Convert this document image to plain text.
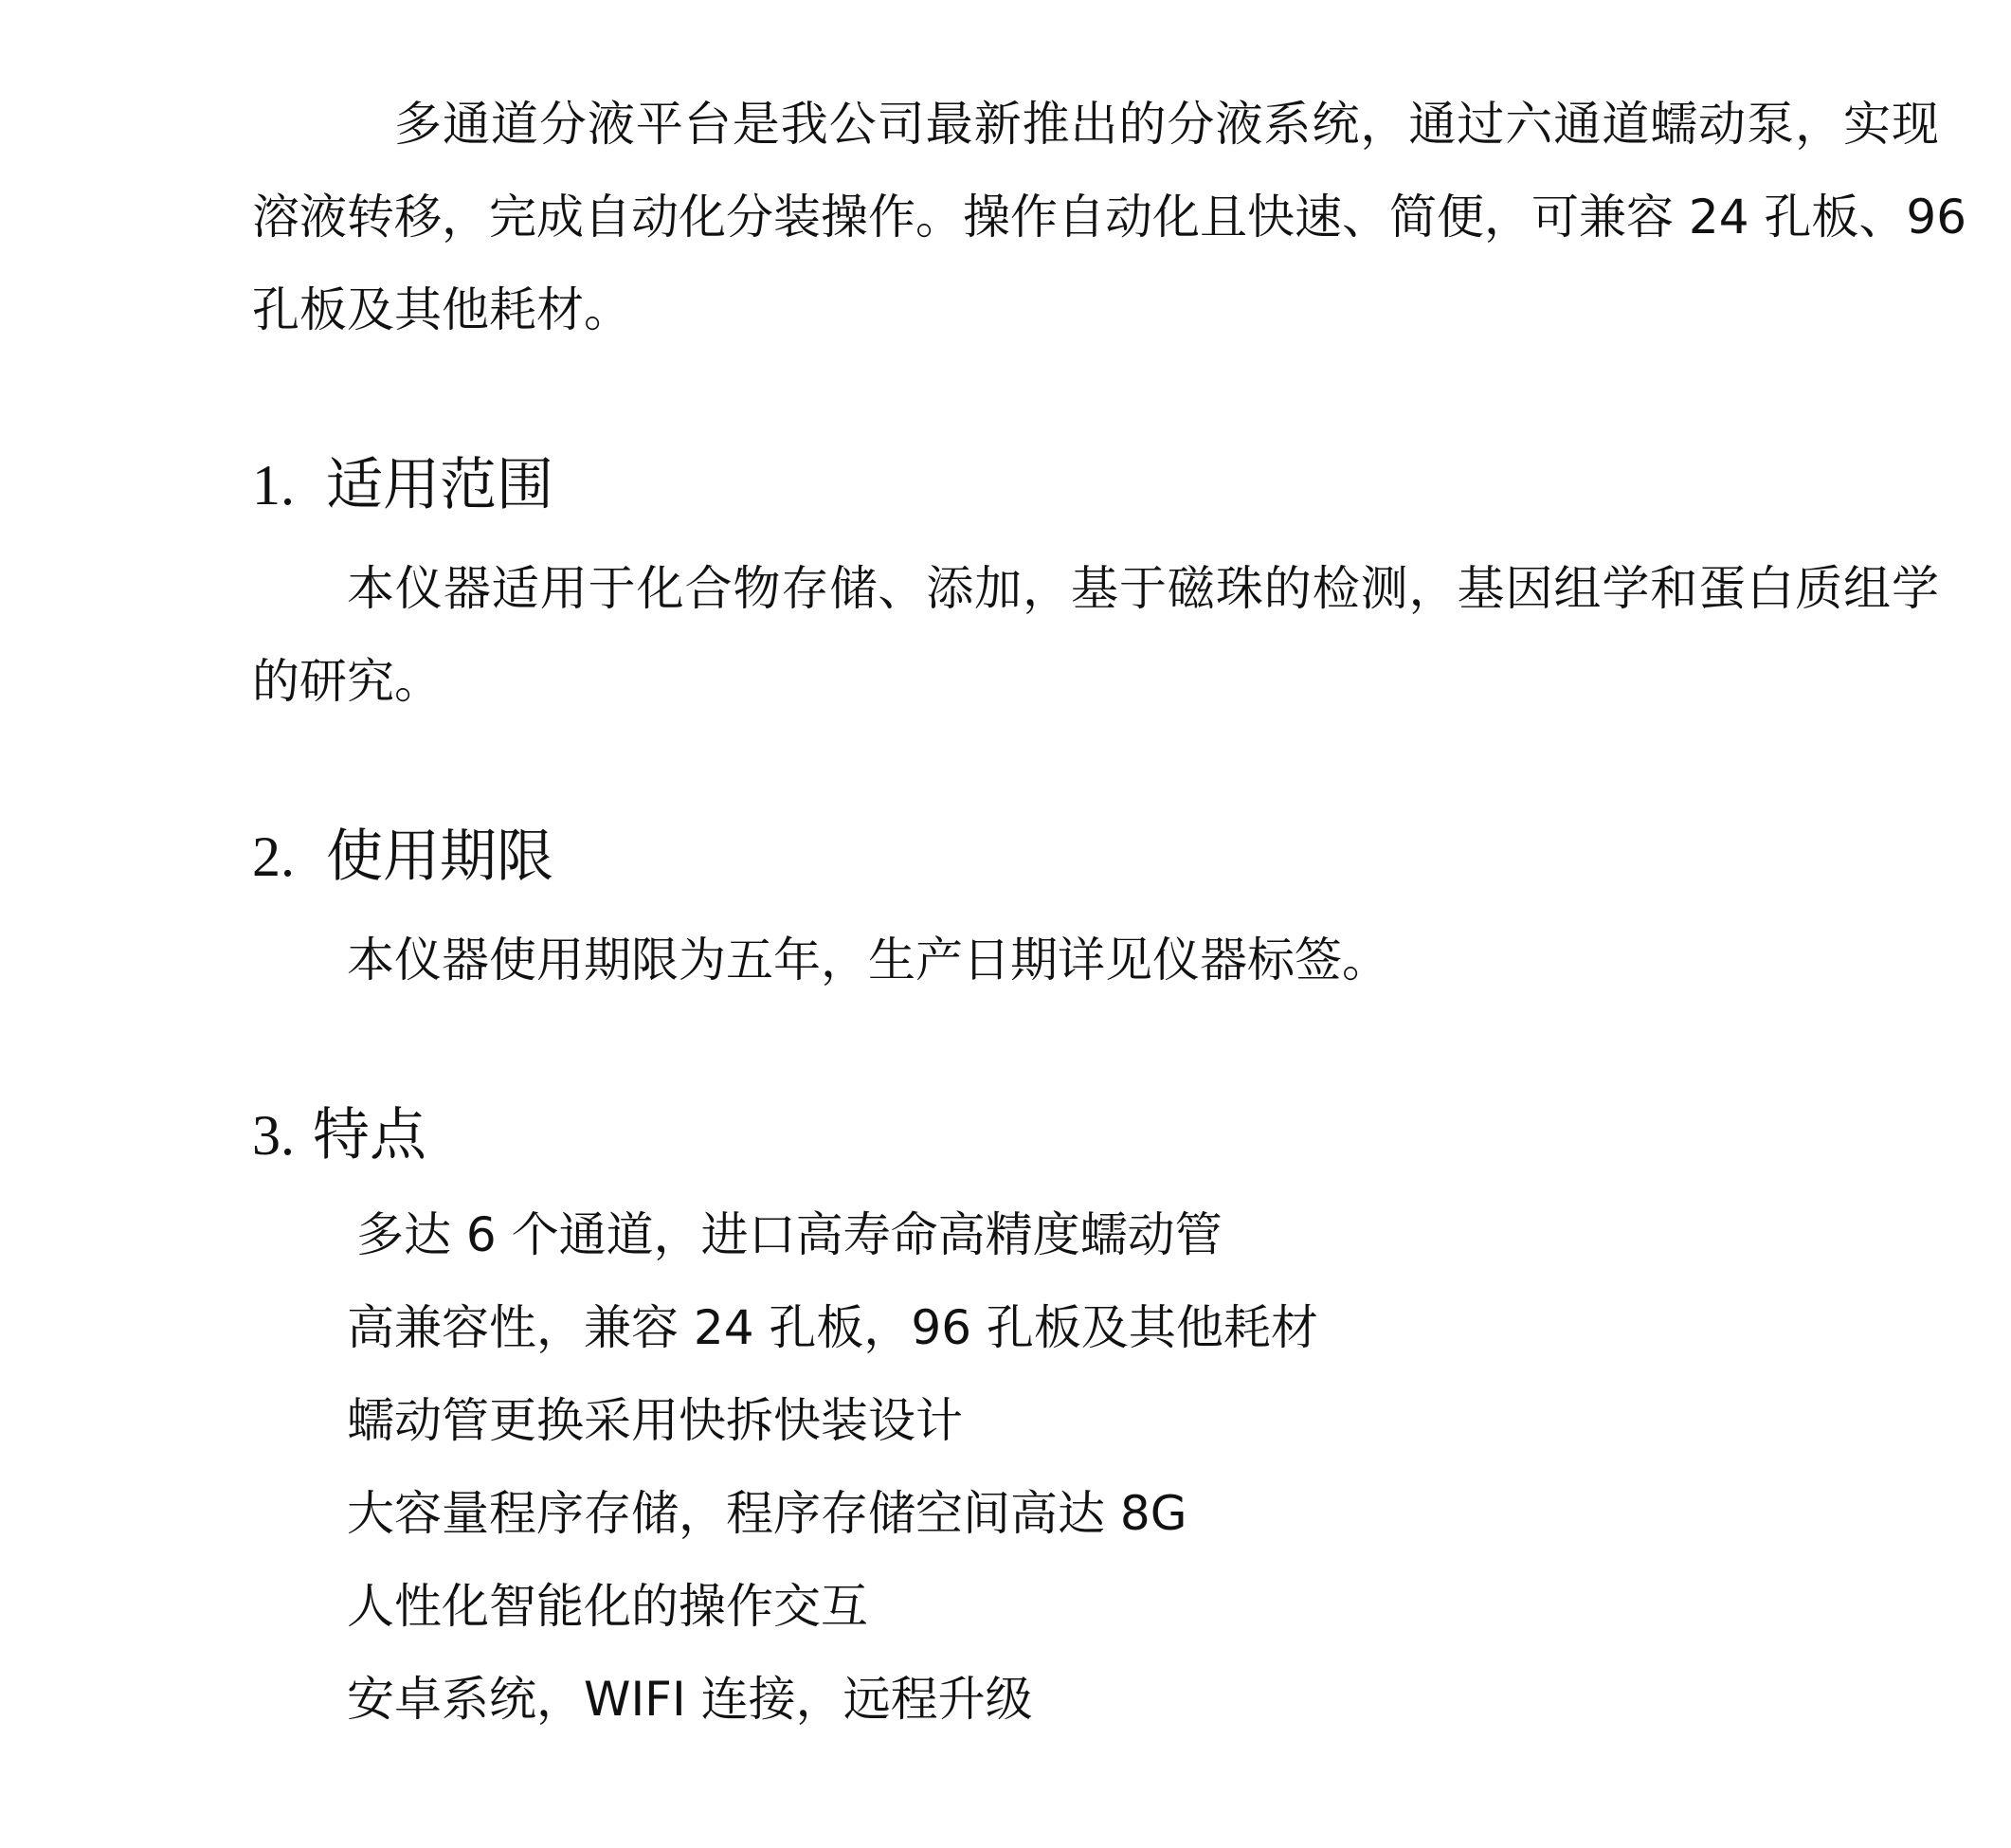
多通道分液平台是我公司最新推出的分液系统，通过六通道蠕动泵，实现
溶液转移，完成自动化分装操作。操作自动化且快速、简便，可兼容 24 孔板、96
孔板及其他耗材。
1. 适用范围
本仪器适用于化合物存储、添加，基于磁珠的检测，基因组学和蛋白质组学
的研究。
2. 使用期限
本仪器使用期限为五年，生产日期详见仪器标签。
3. 特点
多达 6 个通道，进口高寿命高精度蠕动管
高兼容性，兼容 24 孔板，96 孔板及其他耗材
蠕动管更换采用快拆快装设计
大容量程序存储，程序存储空间高达 8G
人性化智能化的操作交互
安卓系统，WIFI 连接，远程升级
